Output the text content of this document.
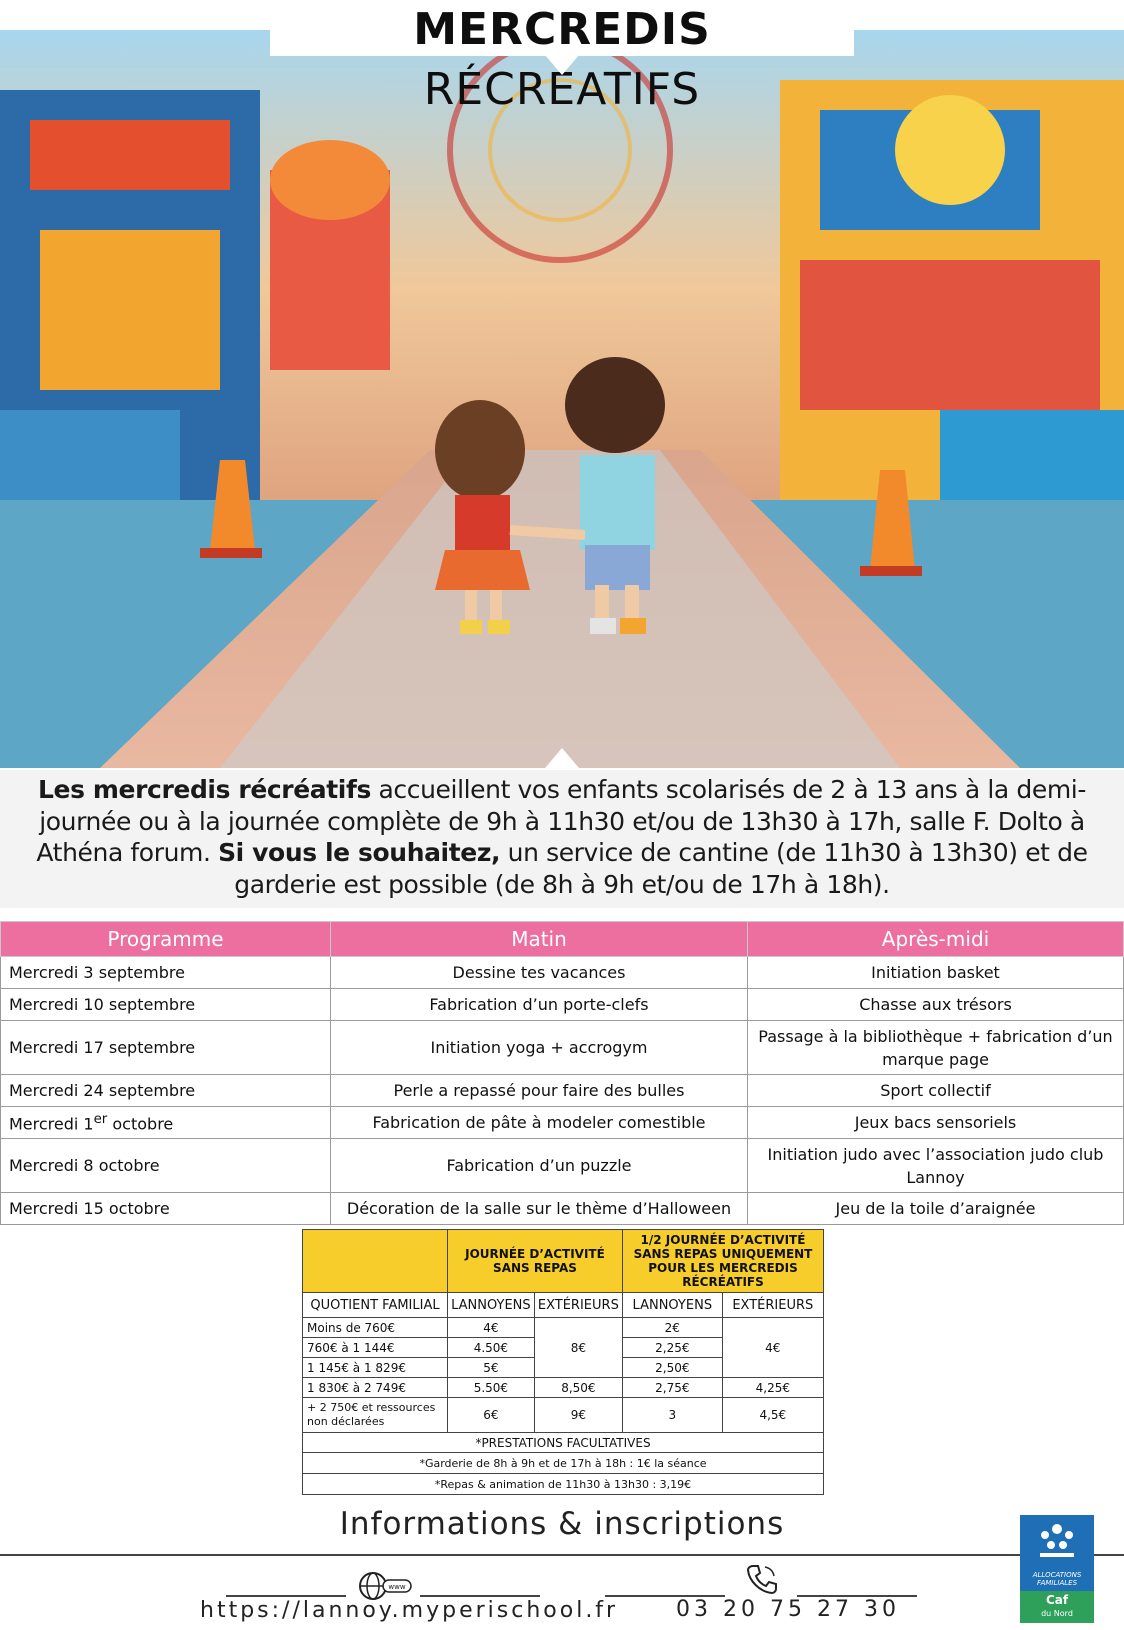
MERCREDIS RÉCRÉATIFS

Les mercredis récréatifs accueillent vos enfants scolarisés de 2 à 13 ans à la demi-journée ou à la journée complète de 9h à 11h30 et/ou de 13h30 à 17h, salle F. Dolto à Athéna forum. Si vous le souhaitez, un service de cantine (de 11h30 à 13h30) et de garderie est possible (de 8h à 9h et/ou de 17h à 18h).

Programme	Matin	Après-midi
Mercredi 3 septembre	Dessine tes vacances	Initiation basket
Mercredi 10 septembre	Fabrication d’un porte-clefs	Chasse aux trésors
Mercredi 17 septembre	Initiation yoga + accrogym	Passage à la bibliothèque + fabrication d’un marque page
Mercredi 24 septembre	Perle a repassé pour faire des bulles	Sport collectif
Mercredi 1er octobre	Fabrication de pâte à modeler comestible	Jeux bacs sensoriels
Mercredi 8 octobre	Fabrication d’un puzzle	Initiation judo avec l’association judo club Lannoy
Mercredi 15 octobre	Décoration de la salle sur le thème d’Halloween	Jeu de la toile d’araignée
	JOURNÉE D’ACTIVITÉ SANS REPAS		1/2 JOURNÉE D’ACTIVITÉ SANS REPAS UNIQUEMENT POUR LES MERCREDIS RÉCRÉATIFS	
QUOTIENT FAMILIAL	LANNOYENS	EXTÉRIEURS	LANNOYENS	EXTÉRIEURS
Moins de 760€	4€	8€	2€	4€
760€ à 1 144€	4.50€		2,25€	
1 145€ à 1 829€	5€		2,50€	
1 830€ à 2 749€	5.50€	8,50€	2,75€	4,25€
+ 2 750€ et ressources non déclarées	6€	9€	3	4,5€
*PRESTATIONS FACULTATIVES				
*Garderie de 8h à 9h et de 17h à 18h : 1€ la séance				
*Repas & animation de 11h30 à 13h30 : 3,19€				
Informations & inscriptions
www
https://lannoy.myperischool.fr	03 20 75 27 30
ALLOCATIONS FAMILIALES
Caf
du Nord
